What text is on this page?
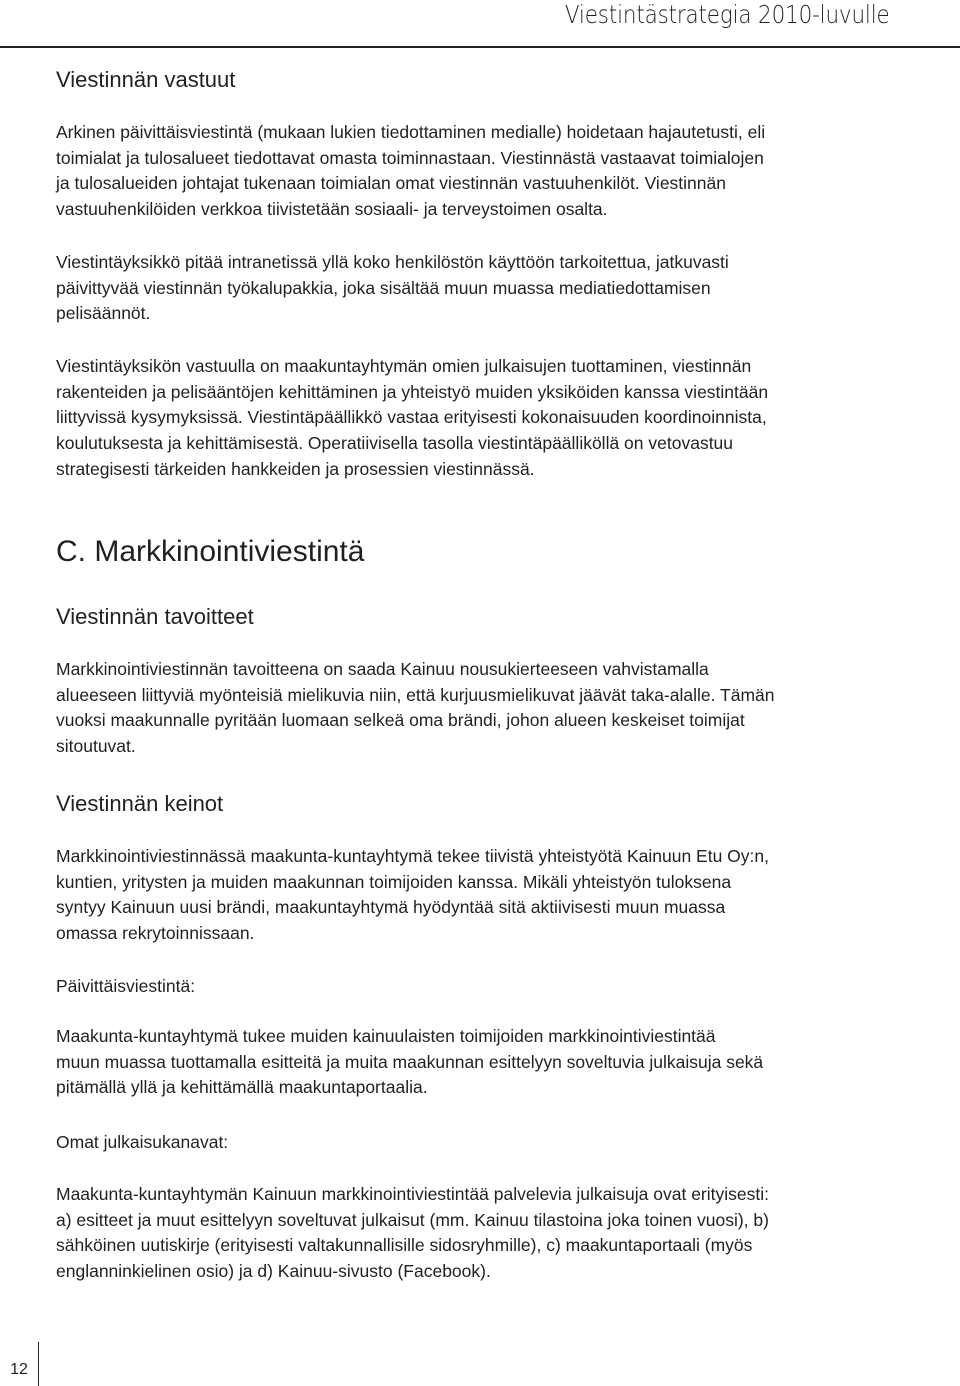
Viestintästrategia 2010-luvulle
Viestinnän vastuut
Arkinen päivittäisviestintä (mukaan lukien tiedottaminen medialle) hoidetaan hajautetusti, eli
toimialat ja tulosalueet tiedottavat omasta toiminnastaan. Viestinnästä vastaavat toimialojen
ja tulosalueiden johtajat tukenaan toimialan omat viestinnän vastuuhenkilöt. Viestinnän
vastuuhenkilöiden verkkoa tiivistetään sosiaali- ja terveystoimen osalta.
Viestintäyksikkö pitää intranetissä yllä koko henkilöstön käyttöön tarkoitettua, jatkuvasti
päivittyvää viestinnän työkalupakkia, joka sisältää muun muassa mediatiedottamisen
pelisäännöt.
Viestintäyksikön vastuulla on maakuntayhtymän omien julkaisujen tuottaminen, viestinnän
rakenteiden ja pelisääntöjen kehittäminen ja yhteistyö muiden yksiköiden kanssa viestintään
liittyvissä kysymyksissä. Viestintäpäällikkö vastaa erityisesti kokonaisuuden koordinoinnista,
koulutuksesta ja kehittämisestä. Operatiivisella tasolla viestintäpäälliköllä on vetovastuu
strategisesti tärkeiden hankkeiden ja prosessien viestinnässä.
C. Markkinointiviestintä
Viestinnän tavoitteet
Markkinointiviestinnän tavoitteena on saada Kainuu nousukierteeseen vahvistamalla
alueeseen liittyviä myönteisiä mielikuvia niin, että kurjuusmielikuvat jäävät taka-alalle. Tämän
vuoksi maakunnalle pyritään luomaan selkeä oma brändi, johon alueen keskeiset toimijat
sitoutuvat.
Viestinnän keinot
Markkinointiviestinnässä maakunta-kuntayhtymä tekee tiivistä yhteistyötä Kainuun Etu Oy:n,
kuntien, yritysten ja muiden maakunnan toimijoiden kanssa. Mikäli yhteistyön tuloksena
syntyy Kainuun uusi brändi, maakuntayhtymä hyödyntää sitä aktiivisesti muun muassa
omassa rekrytoinnissaan.
Päivittäisviestintä:
Maakunta-kuntayhtymä tukee muiden kainuulaisten toimijoiden markkinointiviestintää
muun muassa tuottamalla esitteitä ja muita maakunnan esittelyyn soveltuvia julkaisuja sekä
pitämällä yllä ja kehittämällä maakuntaportaalia.
Omat julkaisukanavat:
Maakunta-kuntayhtymän Kainuun markkinointiviestintää palvelevia julkaisuja ovat erityisesti:
a) esitteet ja muut esittelyyn soveltuvat julkaisut (mm. Kainuu tilastoina joka toinen vuosi), b)
sähköinen uutiskirje (erityisesti valtakunnallisille sidosryhmille), c) maakuntaportaali (myös
englanninkielinen osio) ja d) Kainuu-sivusto (Facebook).
12
